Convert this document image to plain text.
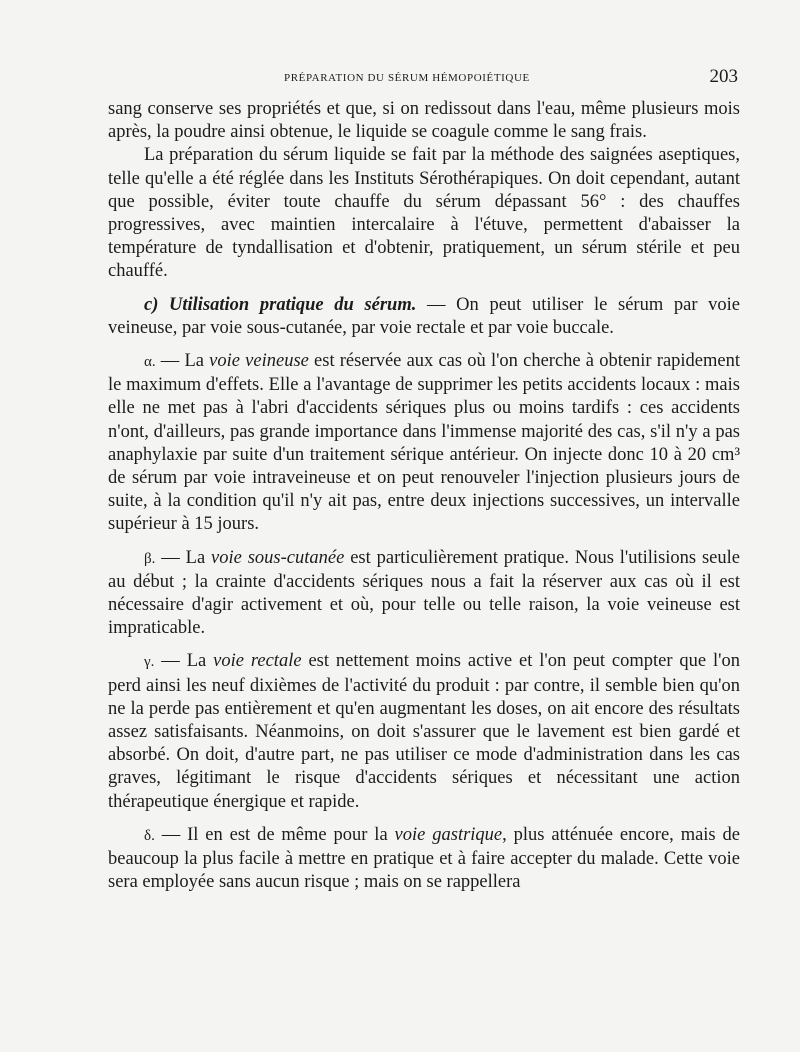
PRÉPARATION DU SÉRUM HÉMOPOIÉTIQUE	203

sang conserve ses propriétés et que, si on redissout dans l'eau, même plusieurs mois après, la poudre ainsi obtenue, le liquide se coagule comme le sang frais.

La préparation du sérum liquide se fait par la méthode des saignées aseptiques, telle qu'elle a été réglée dans les Instituts Sérothérapiques. On doit cependant, autant que possible, éviter toute chauffe du sérum dépassant 56° : des chauffes progressives, avec maintien intercalaire à l'étuve, permettent d'abaisser la température de tyndallisation et d'obtenir, pratiquement, un sérum stérile et peu chauffé.

c) Utilisation pratique du sérum. — On peut utiliser le sérum par voie veineuse, par voie sous-cutanée, par voie rectale et par voie buccale.

α. — La voie veineuse est réservée aux cas où l'on cherche à obtenir rapidement le maximum d'effets. Elle a l'avantage de supprimer les petits accidents locaux : mais elle ne met pas à l'abri d'accidents sériques plus ou moins tardifs : ces accidents n'ont, d'ailleurs, pas grande importance dans l'immense majorité des cas, s'il n'y a pas anaphylaxie par suite d'un traitement sérique antérieur. On injecte donc 10 à 20 cm³ de sérum par voie intraveineuse et on peut renouveler l'injection plusieurs jours de suite, à la condition qu'il n'y ait pas, entre deux injections successives, un intervalle supérieur à 15 jours.

β. — La voie sous-cutanée est particulièrement pratique. Nous l'utilisions seule au début ; la crainte d'accidents sériques nous a fait la réserver aux cas où il est nécessaire d'agir activement et où, pour telle ou telle raison, la voie veineuse est impraticable.

γ. — La voie rectale est nettement moins active et l'on peut compter que l'on perd ainsi les neuf dixièmes de l'activité du produit : par contre, il semble bien qu'on ne la perde pas entièrement et qu'en augmentant les doses, on ait encore des résultats assez satisfaisants. Néanmoins, on doit s'assurer que le lavement est bien gardé et absorbé. On doit, d'autre part, ne pas utiliser ce mode d'administration dans les cas graves, légitimant le risque d'accidents sériques et nécessitant une action thérapeutique énergique et rapide.

δ. — Il en est de même pour la voie gastrique, plus atténuée encore, mais de beaucoup la plus facile à mettre en pratique et à faire accepter du malade. Cette voie sera employée sans aucun risque ; mais on se rappellera
